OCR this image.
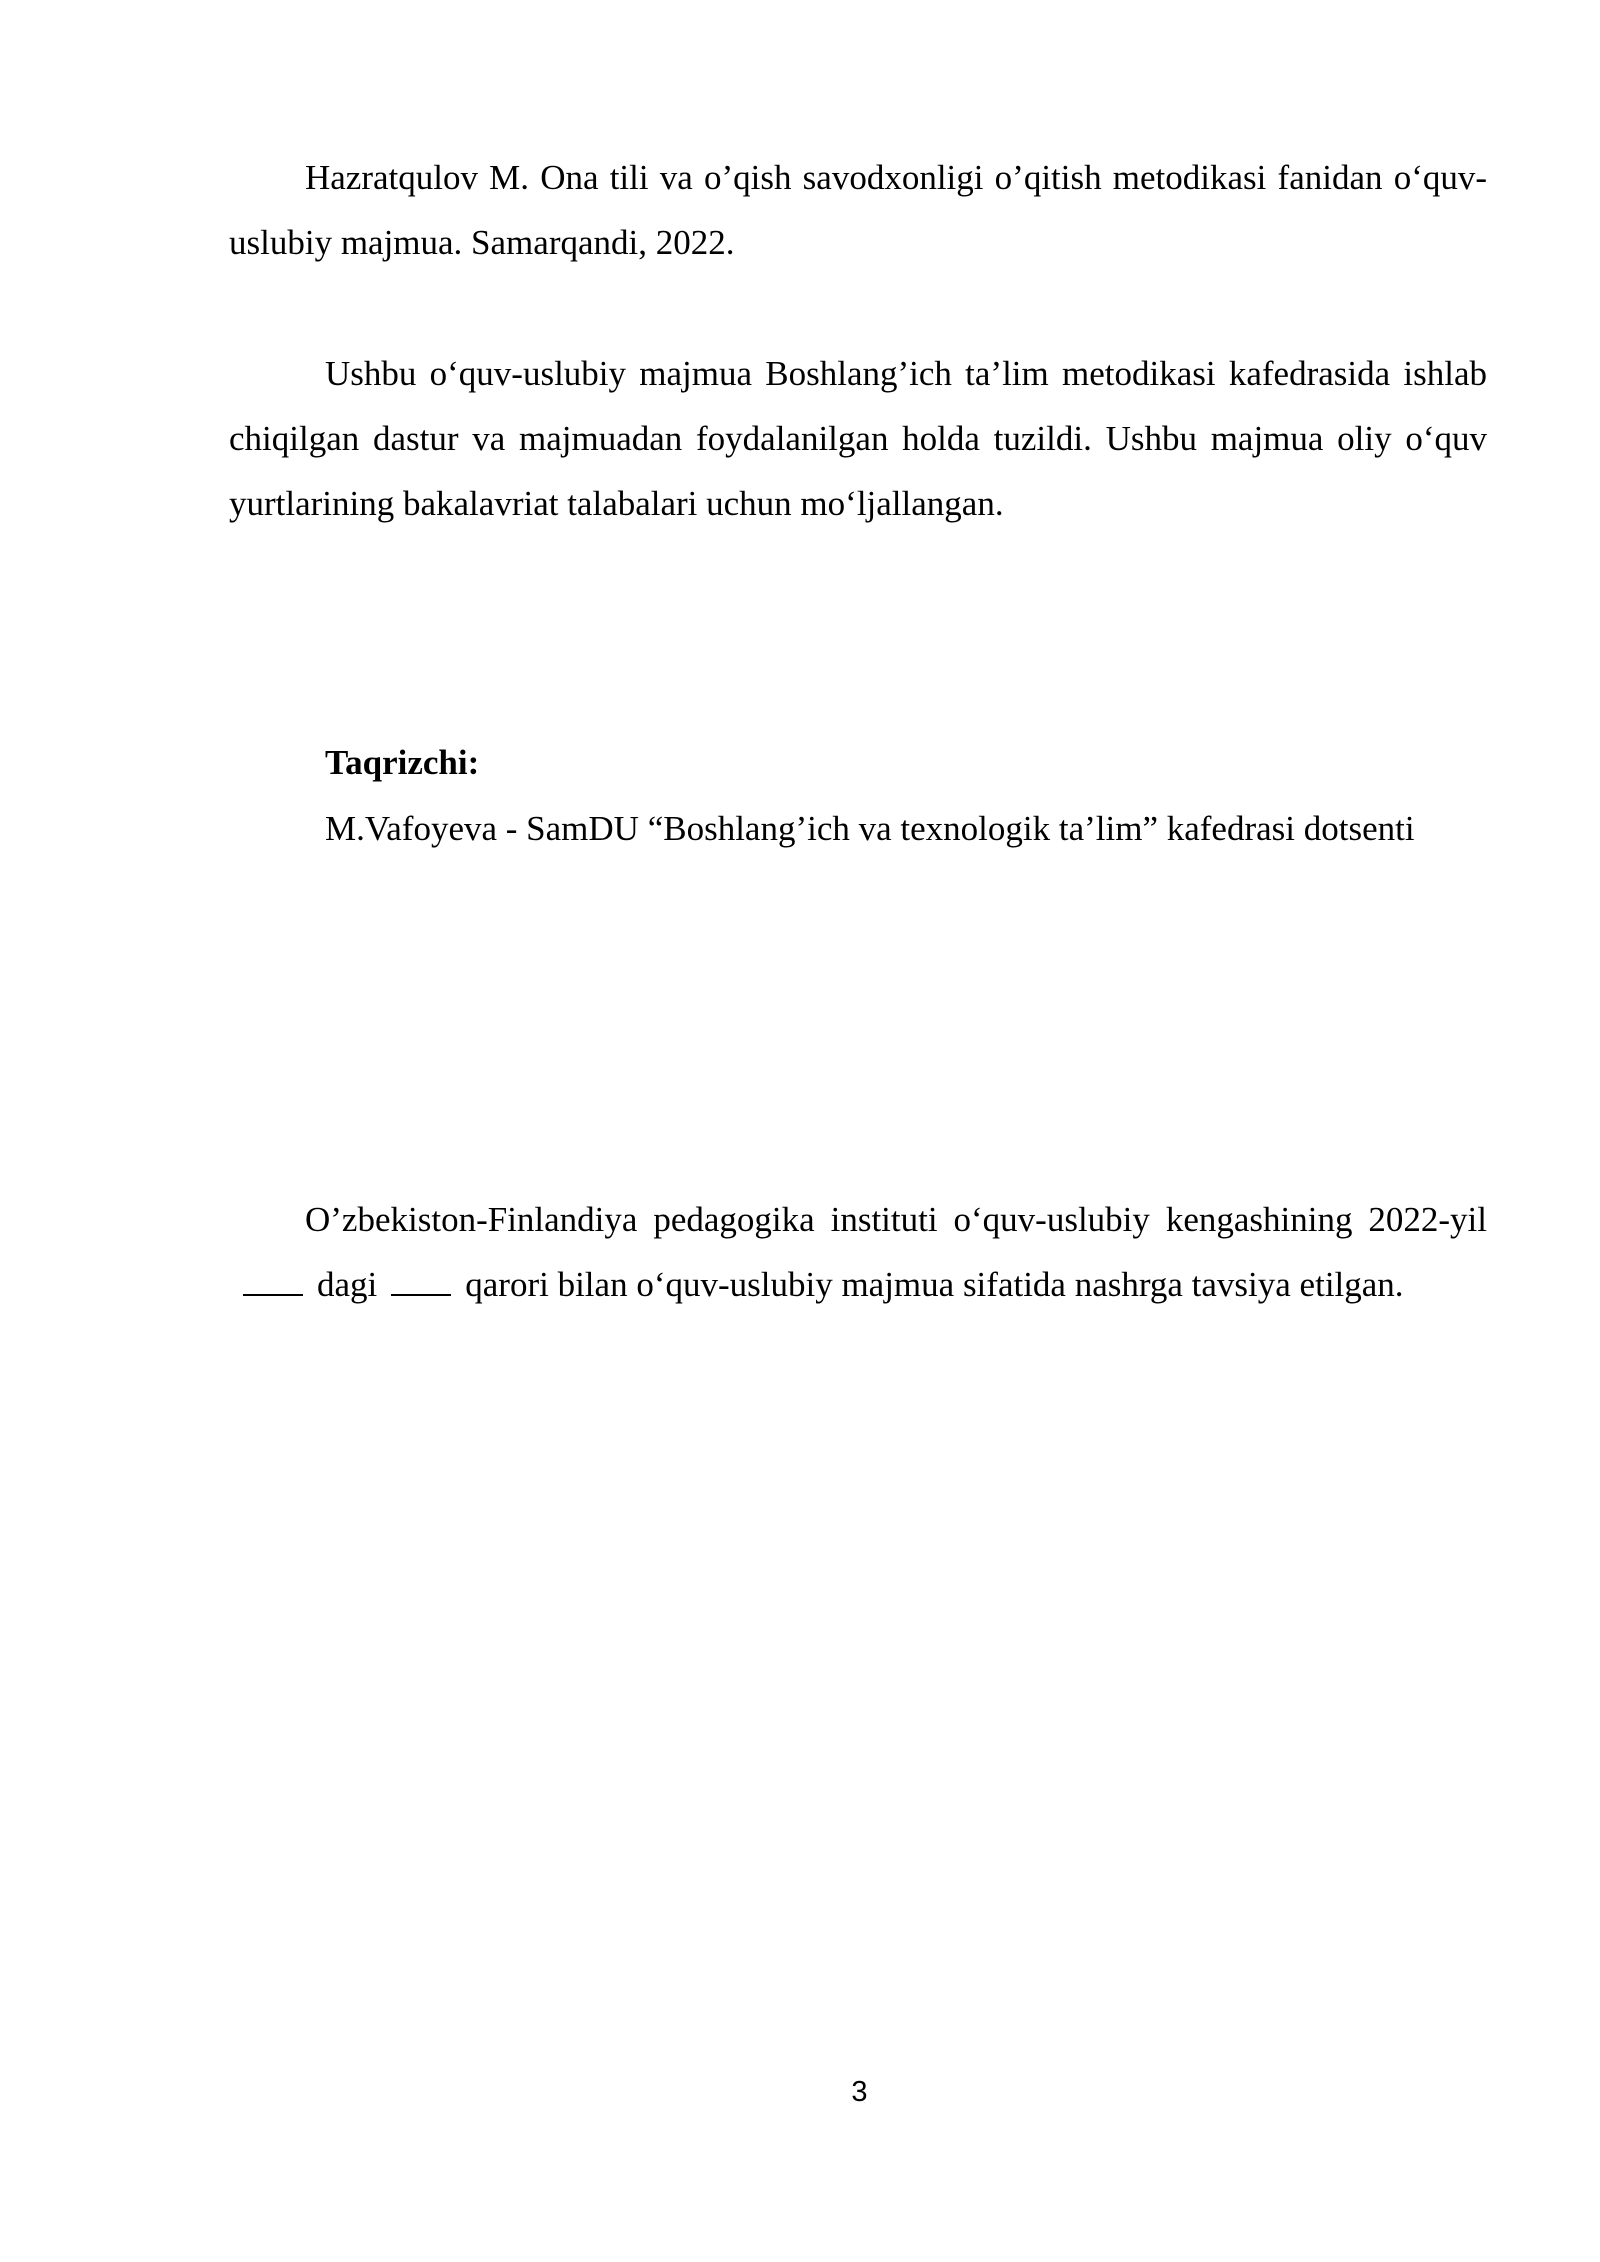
Hazratqulov M. Ona tili va o’qish savodxonligi o’qitish metodikasi fanidan o‘quv-uslubiy majmua. Samarqandi, 2022.

Ushbu o‘quv-uslubiy majmua Boshlang’ich ta’lim metodikasi kafedrasida ishlab chiqilgan dastur va majmuadan foydalanilgan holda tuzildi. Ushbu majmua oliy o‘quv yurtlarining bakalavriat talabalari uchun mo‘ljallangan.

Taqrizchi:

M.Vafoyeva - SamDU “Boshlang’ich va texnologik ta’lim” kafedrasi dotsenti

O’zbekiston-Finlandiya pedagogika instituti o‘quv-uslubiy kengashining 2022-yildagi	qarori bilan o‘quv-uslubiy majmua sifatida nashrga tavsiya etilgan.

3
